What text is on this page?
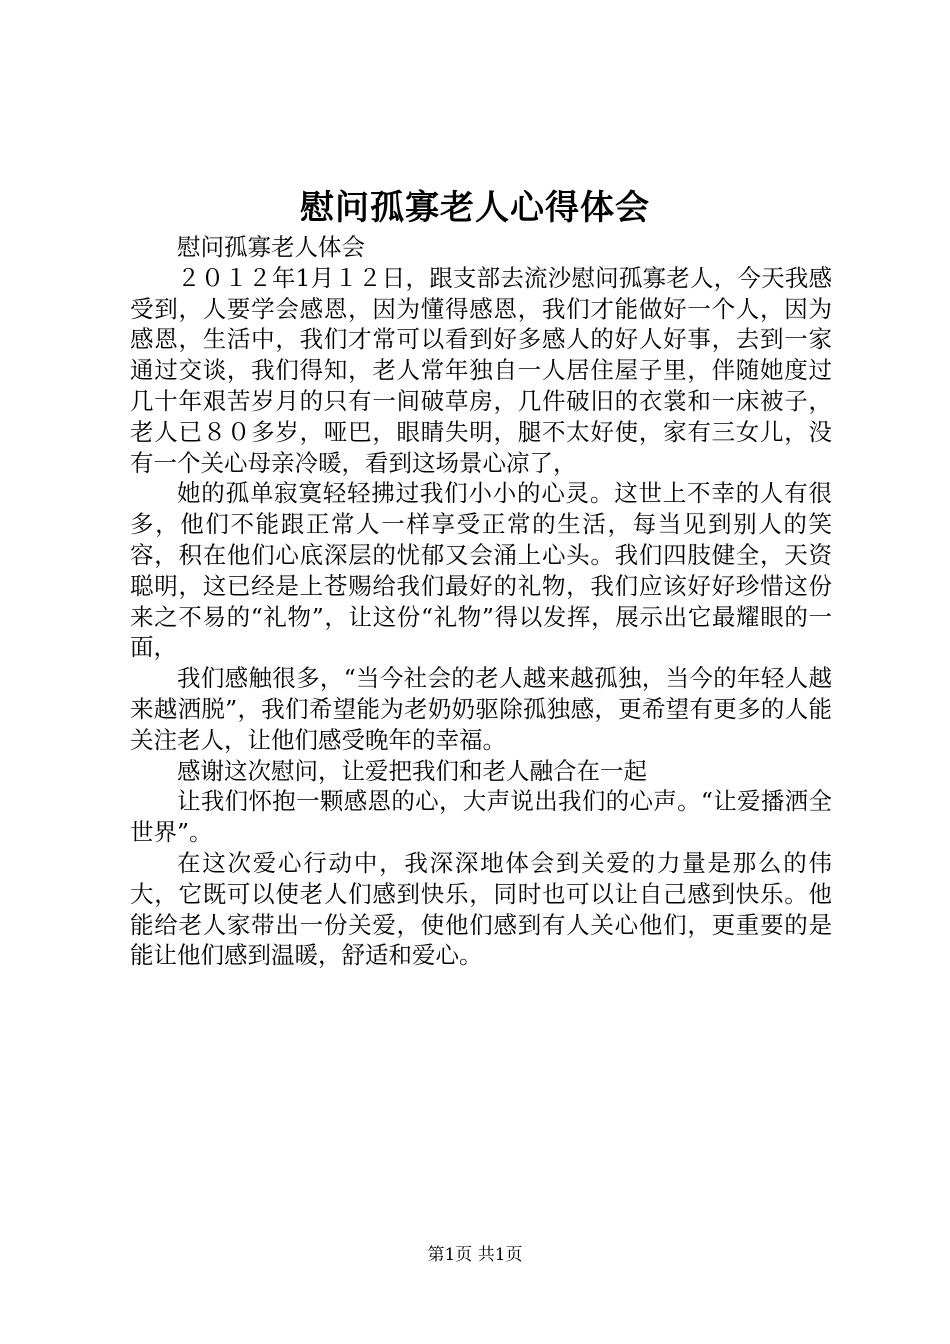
慰问孤寡老人心得体会

慰问孤寡老人体会

２０１２年1月１２日，跟支部去流沙慰问孤寡老人，今天我感受到，人要学会感恩，因为懂得感恩，我们才能做好一个人，因为感恩，生活中，我们才常可以看到好多感人的好人好事，去到一家通过交谈，我们得知，老人常年独自一人居住屋子里，伴随她度过几十年艰苦岁月的只有一间破草房，几件破旧的衣裳和一床被子，老人已８０多岁，哑巴，眼睛失明，腿不太好使，家有三女儿，没有一个关心母亲冷暖，看到这场景心凉了，

她的孤单寂寞轻轻拂过我们小小的心灵。这世上不幸的人有很多，他们不能跟正常人一样享受正常的生活，每当见到别人的笑容，积在他们心底深层的忧郁又会涌上心头。我们四肢健全，天资聪明，这已经是上苍赐给我们最好的礼物，我们应该好好珍惜这份来之不易的“礼物”，让这份“礼物”得以发挥，展示出它最耀眼的一面，

我们感触很多，“当今社会的老人越来越孤独，当今的年轻人越来越洒脱”，我们希望能为老奶奶驱除孤独感，更希望有更多的人能关注老人，让他们感受晚年的幸福。

感谢这次慰问，让爱把我们和老人融合在一起

让我们怀抱一颗感恩的心，大声说出我们的心声。“让爱播洒全世界”。

在这次爱心行动中，我深深地体会到关爱的力量是那么的伟大，它既可以使老人们感到快乐，同时也可以让自己感到快乐。他能给老人家带出一份关爱，使他们感到有人关心他们，更重要的是能让他们感到温暖，舒适和爱心。

第1页 共1页
